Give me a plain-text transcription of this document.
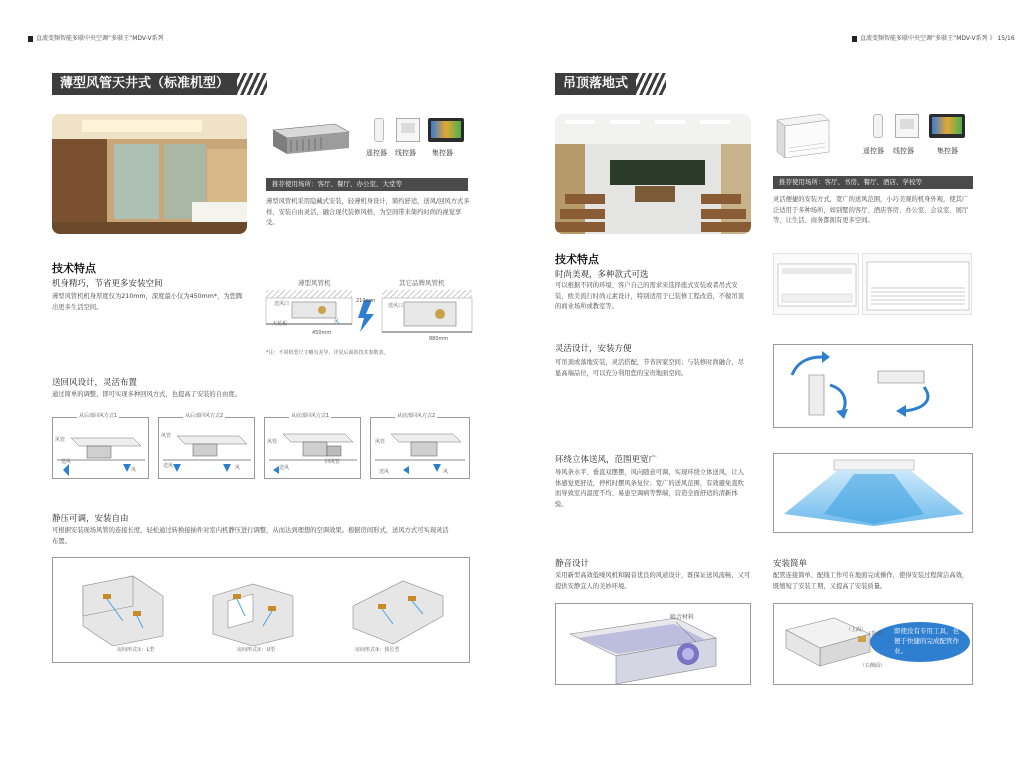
直流变频智能多联中央空调“多联王”MDV-V系列	直流变频智能多联中央空调“多联王”MDV-V系列 》 15/16
薄型风管天井式（标准机型）
遥控器 线控器 集控器
推荐使用场所：客厅、餐厅、办公室、大堂等
薄型风管机采用隐藏式安装，轻薄机身设计，简约舒适，送风/回风方式多样，安装自由灵活，融合现代装修风格，为空间带来简约时尚的视觉享受。
技术特点
机身精巧，节省更多安装空间
薄型风管机机身厚度仅为210mm，深度最小仅为450mm*，为您腾出更多生活空间。
薄型风管机	其它品牌风管机
天花板
送风口	送风口
210mm
450mm
880mm
风
*注：不同机型尺寸略有差异，详见后面的技术参数表。
送回风设计，灵活布置
通过简单的调整，即可实现多种回风方式，也提高了安装的自由度。
从后部回风方式1
风管
送风
风
从后部回风方式2
风管
送风	风
从底部回风方式1
风管
送风
回风管
从底部回风方式2
风管
送风	风
静压可调，安装自由
可根据安装现场风管的连接长度，轻松通过转换接插件对室内机静压进行调整，从而达到理想的空调效果。根据房间形式，送风方式可实现灵活布置。
房间形式①：L型	房间形式②：U型	房间形式③：狭长型
吊顶落地式
遥控器 线控器	集控器
推荐使用场所：客厅、书房、餐厅、酒店、学校等
灵活便捷的安装方式，宽广的送风范围，小巧美观的机身外观，使其广泛适用于多种场所，如别墅的客厅、酒店客房、办公室、会议室、展厅等，让生活、商务都拥有更多空间。
技术特点
时尚美观，多种款式可选
可以根据不同的环境、客户自己的需求来选择座式安装或者吊式安装，欧美流行时尚元素设计，特别适用于已装修工程改造，不做吊顶的商业场所或教室等。
灵活设计，安装方便
可吊顶或落地安装，灵活搭配，节省居家空间；与装修时尚融合，尽显高端品位，可以充分利用您的宝贵地面空间。
环绕立体送风，范围更宽广
导风条水平、垂直双摆摆，风向随意可调，实现环绕立体送风，让人体感觉更舒适，停机时摆风条复位；宽广的送风范围，有效避免直吹而导致室内温度不均、易患空调病等弊端，营造全面舒适的清新体验。
静音设计
采用新型高效低噪风机和隔音优良的风道设计，既保证送风流畅，又可提供安静宜人的美妙环境。
吸音材料
安装简单
配管连接简单、配线工作可在地面完成操作，使得安装过程简洁高效，既缩短了安装工期，又提高了安装质量。
（上面）
（背面）
（右侧面）
即使没有专用工具，也便于快捷的完成配管作业。
